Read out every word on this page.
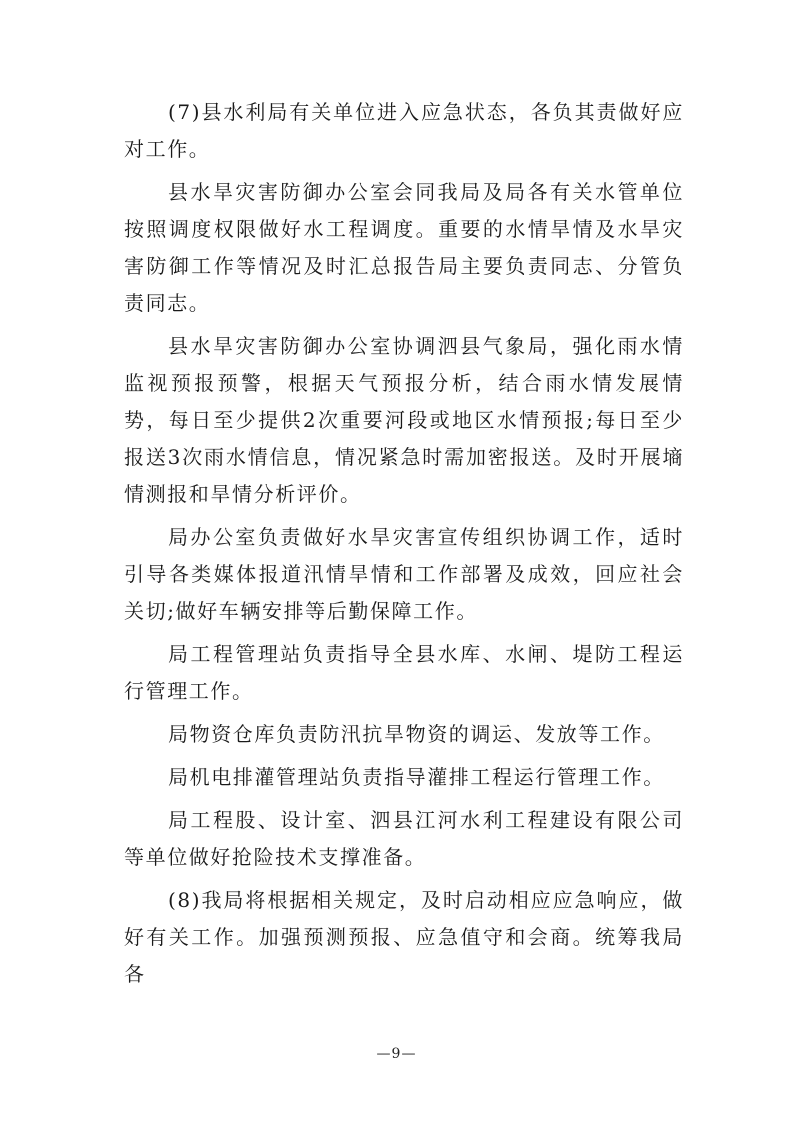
(7)县水利局有关单位进入应急状态，各负其责做好应对工作。

县水旱灾害防御办公室会同我局及局各有关水管单位按照调度权限做好水工程调度。重要的水情旱情及水旱灾害防御工作等情况及时汇总报告局主要负责同志、分管负责同志。

县水旱灾害防御办公室协调泗县气象局，强化雨水情监视预报预警，根据天气预报分析，结合雨水情发展情势，每日至少提供2次重要河段或地区水情预报;每日至少报送3次雨水情信息，情况紧急时需加密报送。及时开展墒情测报和旱情分析评价。

局办公室负责做好水旱灾害宣传组织协调工作，适时引导各类媒体报道汛情旱情和工作部署及成效，回应社会关切;做好车辆安排等后勤保障工作。

局工程管理站负责指导全县水库、水闸、堤防工程运行管理工作。

局物资仓库负责防汛抗旱物资的调运、发放等工作。

局机电排灌管理站负责指导灌排工程运行管理工作。

局工程股、设计室、泗县江河水利工程建设有限公司等单位做好抢险技术支撑准备。

(8)我局将根据相关规定，及时启动相应应急响应，做好有关工作。加强预测预报、应急值守和会商。统筹我局各

—9—
